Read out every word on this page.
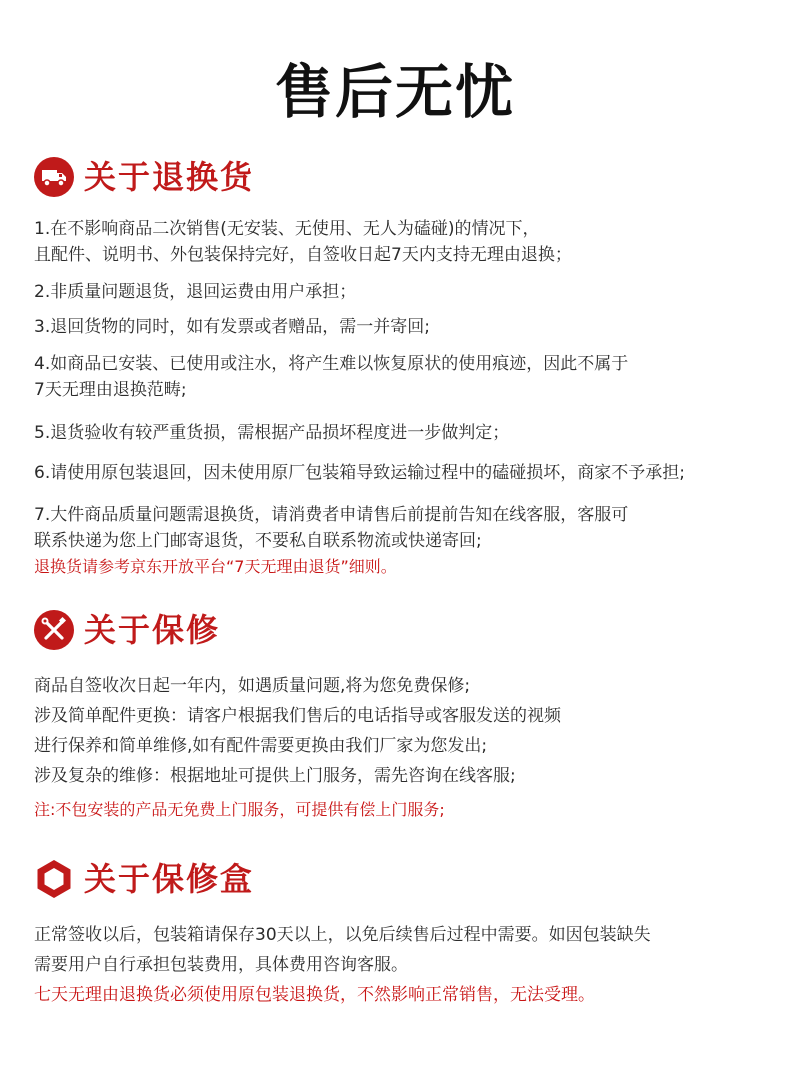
售后无忧
关于退换货
1.在不影响商品二次销售(无安装、无使用、无人为磕碰)的情况下，
且配件、说明书、外包装保持完好，自签收日起7天内支持无理由退换；
2.非质量问题退货，退回运费由用户承担；
3.退回货物的同时，如有发票或者赠品，需一并寄回;
4.如商品已安装、已使用或注水，将产生难以恢复原状的使用痕迹，因此不属于
7天无理由退换范畴;
5.退货验收有较严重货损，需根据产品损坏程度进一步做判定；
6.请使用原包装退回，因未使用原厂包装箱导致运输过程中的磕碰损坏，商家不予承担;
7.大件商品质量问题需退换货，请消费者申请售后前提前告知在线客服，客服可
联系快递为您上门邮寄退货，不要私自联系物流或快递寄回;
退换货请参考京东开放平台“7天无理由退货”细则。
关于保修
商品自签收次日起一年内，如遇质量问题,将为您免费保修;
涉及简单配件更换：请客户根据我们售后的电话指导或客服发送的视频
进行保养和简单维修,如有配件需要更换由我们厂家为您发出;
涉及复杂的维修：根据地址可提供上门服务，需先咨询在线客服;
注:不包安装的产品无免费上门服务，可提供有偿上门服务;
关于保修盒
正常签收以后，包装箱请保存30天以上，以免后续售后过程中需要。如因包装缺失
需要用户自行承担包装费用，具体费用咨询客服。
七天无理由退换货必须使用原包装退换货，不然影响正常销售，无法受理。
